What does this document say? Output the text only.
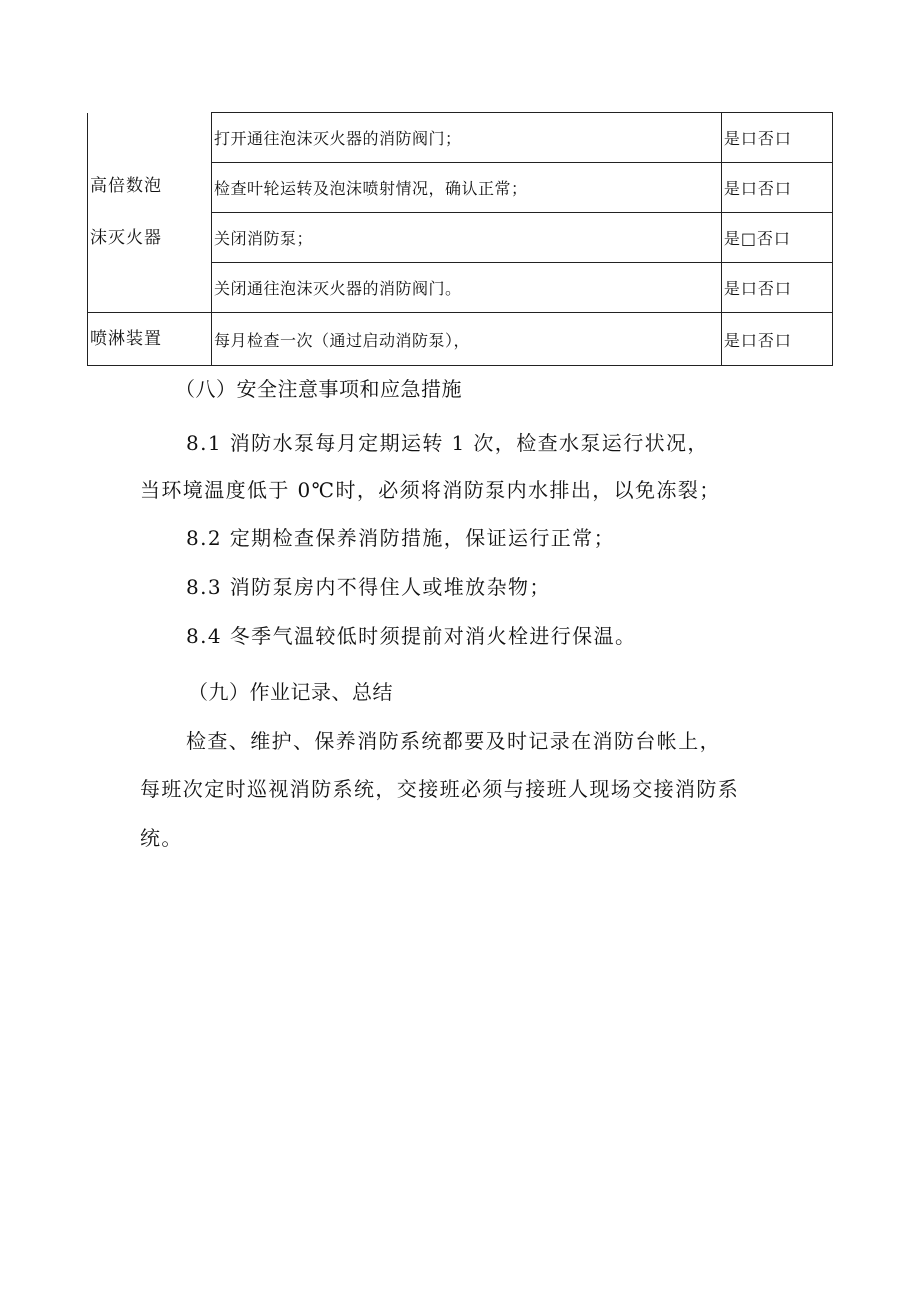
高倍数泡
沫灭火器	打开通往泡沫灭火器的消防阀门；	是口否口
	检查叶轮运转及泡沫喷射情况，确认正常；	是口否口
	关闭消防泵；	是□否口
	关闭通往泡沫灭火器的消防阀门。	是口否口
喷淋装置	每月检查一次（通过启动消防泵），	是口否口
（八）安全注意事项和应急措施
8.1 消防水泵每月定期运转 1 次，检查水泵运行状况，
当环境温度低于 0℃时，必须将消防泵内水排出，以免冻裂；
8.2 定期检查保养消防措施，保证运行正常；
8.3 消防泵房内不得住人或堆放杂物；
8.4 冬季气温较低时须提前对消火栓进行保温。
（九）作业记录、总结
检查、维护、保养消防系统都要及时记录在消防台帐上，
每班次定时巡视消防系统，交接班必须与接班人现场交接消防系
统。
